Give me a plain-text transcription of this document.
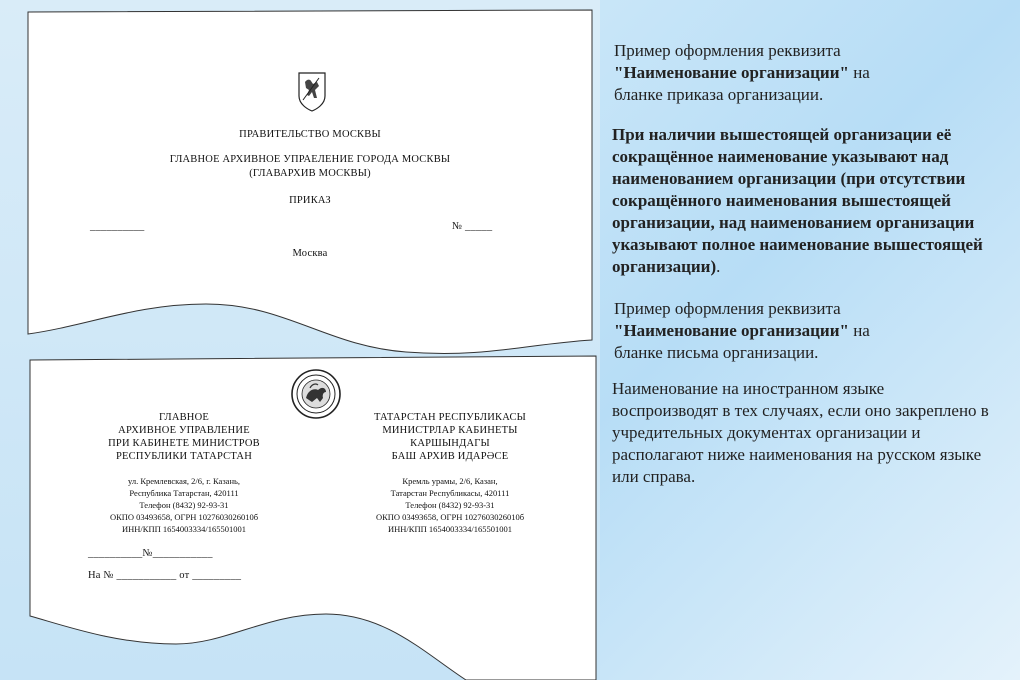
ПРАВИТЕЛЬСТВО МОСКВЫ
ГЛАВНОЕ АРХИВНОЕ УПРАЕЛЕНИЕ ГОРОДА МОСКВЫ
(ГЛАВАРХИВ МОСКВЫ)
ПРИКАЗ
__________	№ _____
Москва
ГЛАВНОЕ
АРХИВНОЕ УПРАВЛЕНИЕ
ПРИ КАБИНЕТЕ МИНИСТРОВ
РЕСПУБЛИКИ ТАТАРСТАН
ТАТАРСТАН РЕСПУБЛИКАСЫ
МИНИСТРЛАР КАБИНЕТЫ
КАРШЫНДАГЫ
БАШ АРХИВ ИДАРӘСЕ
ул. Кремлевская, 2/6, г. Казань,
Республика Татарстан, 420111
Телефон (8432) 92-93-31
ОКПО 03493658, ОГРН 1027603026010б
ИНН/КПП 1654003334/165501001
Кремль урамы, 2/6, Казан,
Татарстан Республикасы, 420111
Телефон (8432) 92-93-31
ОКПО 03493658, ОГРН 1027603026010б
ИНН/КПП 1654003334/165501001
__________№___________
На № ___________ от _________
Пример оформления реквизита
"Наименование организации" на
бланке приказа организации.
При наличии вышестоящей организации её сокращённое наименование указывают над наименованием организации (при отсутствии сокращённого наименования вышестоящей организации, над наименованием организации указывают полное наименование вышестоящей организации).
Пример оформления реквизита
"Наименование организации" на
бланке письма организации.
Наименование на иностранном языке воспроизводят в тех случаях, если оно закреплено в учредительных документах организации и располагают ниже наименования на русском языке или справа.
